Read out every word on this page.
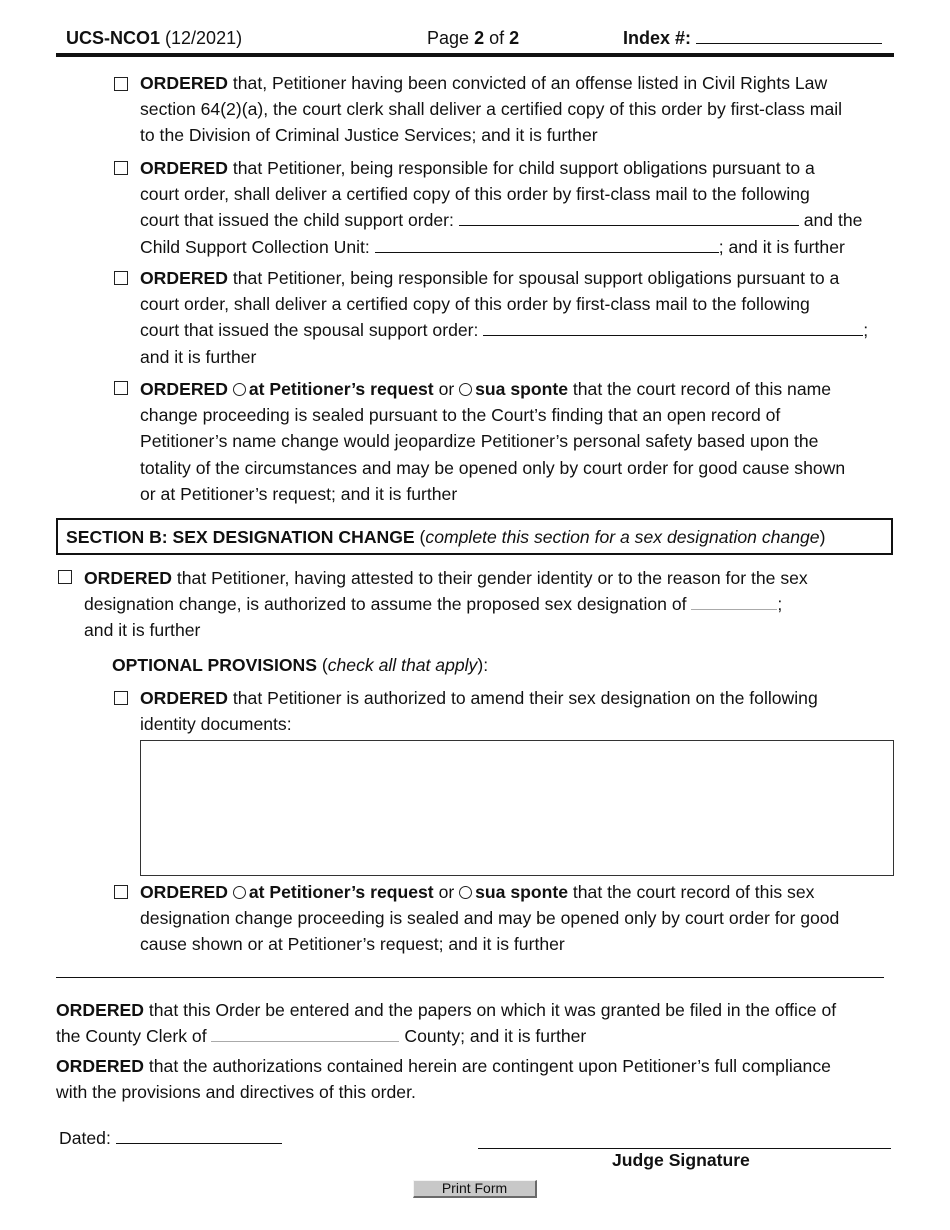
UCS-NCO1 (12/2021)	Page 2 of 2	Index #:

ORDERED that, Petitioner having been convicted of an offense listed in Civil Rights Law

section 64(2)(a), the court clerk shall deliver a certified copy of this order by first-class mail

to the Division of Criminal Justice Services; and it is further

ORDERED that Petitioner, being responsible for child support obligations pursuant to a

court order, shall deliver a certified copy of this order by first-class mail to the following

court that issued the child support order:	and the

Child Support Collection Unit:	; and it is further

ORDERED that Petitioner, being responsible for spousal support obligations pursuant to a

court order, shall deliver a certified copy of this order by first-class mail to the following

court that issued the spousal support order:	;

and it is further

ORDERED at Petitioner’s request or sua sponte that the court record of this name

change proceeding is sealed pursuant to the Court’s finding that an open record of

Petitioner’s name change would jeopardize Petitioner’s personal safety based upon the

totality of the circumstances and may be opened only by court order for good cause shown

or at Petitioner’s request; and it is further

SECTION B: SEX DESIGNATION CHANGE (complete this section for a sex designation change)

ORDERED that Petitioner, having attested to their gender identity or to the reason for the sex

designation change, is authorized to assume the proposed sex designation of	;

and it is further

OPTIONAL PROVISIONS (check all that apply):

ORDERED that Petitioner is authorized to amend their sex designation on the following

identity documents:

ORDERED at Petitioner’s request or sua sponte that the court record of this sex

designation change proceeding is sealed and may be opened only by court order for good

cause shown or at Petitioner’s request; and it is further

ORDERED that this Order be entered and the papers on which it was granted be filed in the office of

the County Clerk of	County; and it is further

ORDERED that the authorizations contained herein are contingent upon Petitioner’s full compliance

with the provisions and directives of this order.

Dated:
Judge Signature
Print Form
